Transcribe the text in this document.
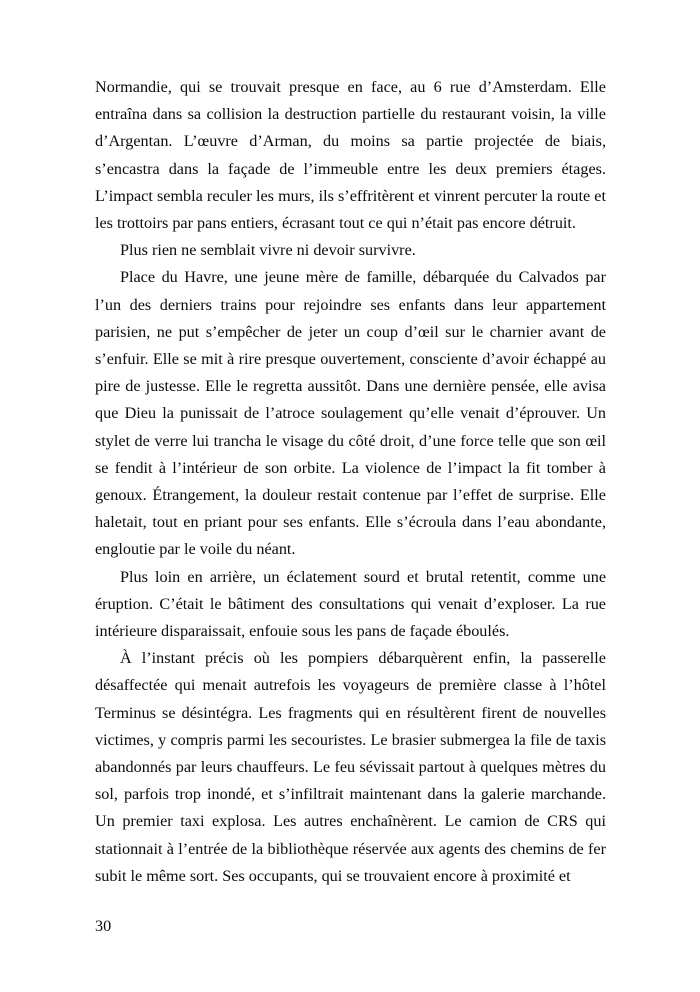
Normandie, qui se trouvait presque en face, au 6 rue d’Amsterdam. Elle entraîna dans sa collision la destruction partielle du restaurant voisin, la ville d’Argentan. L’œuvre d’Arman, du moins sa partie projectée de biais, s’encastra dans la façade de l’immeuble entre les deux premiers étages. L’impact sembla reculer les murs, ils s’effritèrent et vinrent percuter la route et les trottoirs par pans entiers, écrasant tout ce qui n’était pas encore détruit.

Plus rien ne semblait vivre ni devoir survivre.

Place du Havre, une jeune mère de famille, débarquée du Calvados par l’un des derniers trains pour rejoindre ses enfants dans leur appartement parisien, ne put s’empêcher de jeter un coup d’œil sur le charnier avant de s’enfuir. Elle se mit à rire presque ouvertement, consciente d’avoir échappé au pire de justesse. Elle le regretta aussitôt. Dans une dernière pensée, elle avisa que Dieu la punissait de l’atroce soulagement qu’elle venait d’éprouver. Un stylet de verre lui trancha le visage du côté droit, d’une force telle que son œil se fendit à l’intérieur de son orbite. La violence de l’impact la fit tomber à genoux. Étrangement, la douleur restait contenue par l’effet de surprise. Elle haletait, tout en priant pour ses enfants. Elle s’écroula dans l’eau abondante, engloutie par le voile du néant.

Plus loin en arrière, un éclatement sourd et brutal retentit, comme une éruption. C’était le bâtiment des consultations qui venait d’exploser. La rue intérieure disparaissait, enfouie sous les pans de façade éboulés.

À l’instant précis où les pompiers débarquèrent enfin, la passerelle désaffectée qui menait autrefois les voyageurs de première classe à l’hôtel Terminus se désintégra. Les fragments qui en résultèrent firent de nouvelles victimes, y compris parmi les secouristes. Le brasier submergea la file de taxis abandonnés par leurs chauffeurs. Le feu sévissait partout à quelques mètres du sol, parfois trop inondé, et s’infiltrait maintenant dans la galerie marchande. Un premier taxi explosa. Les autres enchaînèrent. Le camion de CRS qui stationnait à l’entrée de la bibliothèque réservée aux agents des chemins de fer subit le même sort. Ses occupants, qui se trouvaient encore à proximité et

30
